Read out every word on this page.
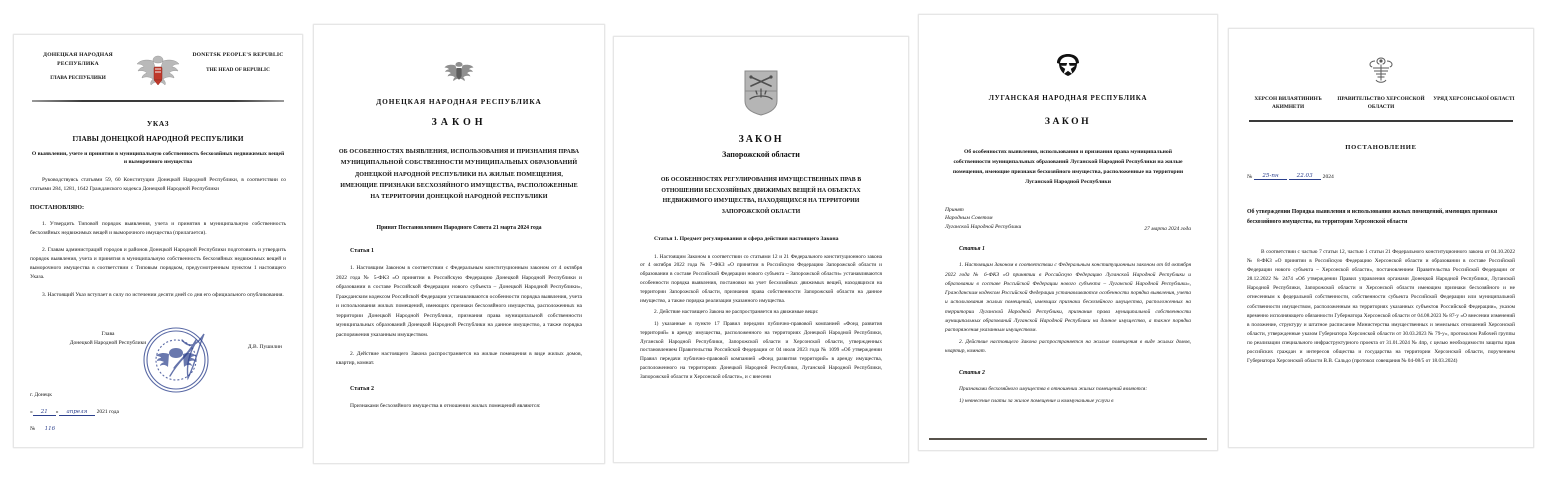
ДОНЕЦКАЯ НАРОДНАЯ РЕСПУБЛИКА
ГЛАВА РЕСПУБЛИКИ
DONETSK PEOPLE'S REPUBLIC
THE HEAD OF REPUBLIC
УКАЗ
ГЛАВЫ ДОНЕЦКОЙ НАРОДНОЙ РЕСПУБЛИКИ
О выявлении, учете и принятии в муниципальную собственность бесхозяйных недвижимых вещей и выморочного имущества
Руководствуясь статьями 59, 60 Конституции Донецкой Народной Республики, в соответствии со статьями 284, 1281, 1642 Гражданского кодекса Донецкой Народной Республики
ПОСТАНОВЛЯЮ:
1. Утвердить Типовой порядок выявления, учета и принятия в муниципальную собственность бесхозяйных недвижимых вещей и выморочного имущества (прилагается).
2. Главам администраций городов и районов Донецкой Народной Республики подготовить и утвердить порядок выявления, учета и принятия в муниципальную собственность бесхозяйных недвижимых вещей и выморочного имущества в соответствии с Типовым порядком, предусмотренным пунктом 1 настоящего Указа.
3. Настоящий Указ вступает в силу по истечении десяти дней со дня его официального опубликования.
Глава
Донецкой Народной Республики
Д.В. Пушилин
г. Донецк
« 21 » апреля 2021 года
№ 116
ДОНЕЦКАЯ НАРОДНАЯ РЕСПУБЛИКА
ЗАКОН
ОБ ОСОБЕННОСТЯХ ВЫЯВЛЕНИЯ, ИСПОЛЬЗОВАНИЯ И ПРИЗНАНИЯ ПРАВА МУНИЦИПАЛЬНОЙ СОБСТВЕННОСТИ МУНИЦИПАЛЬНЫХ ОБРАЗОВАНИЙ ДОНЕЦКОЙ НАРОДНОЙ РЕСПУБЛИКИ НА ЖИЛЫЕ ПОМЕЩЕНИЯ, ИМЕЮЩИЕ ПРИЗНАКИ БЕСХОЗЯЙНОГО ИМУЩЕСТВА, РАСПОЛОЖЕННЫЕ НА ТЕРРИТОРИИ ДОНЕЦКОЙ НАРОДНОЙ РЕСПУБЛИКИ
Принят Постановлением Народного Совета 21 марта 2024 года
Статья 1
1. Настоящим Законом в соответствии с Федеральным конституционным законом от 4 октября 2022 года № 5-ФКЗ «О принятии в Российскую Федерацию Донецкой Народной Республики и образовании в составе Российской Федерации нового субъекта – Донецкой Народной Республики», Гражданским кодексом Российской Федерации устанавливаются особенности порядка выявления, учета и использования жилых помещений, имеющих признаки бесхозяйного имущества, расположенных на территории Донецкой Народной Республики, признания права муниципальной собственности муниципальных образований Донецкой Народной Республики на данное имущество, а также порядка распоряжения указанным имуществом.
2. Действие настоящего Закона распространяется на жилые помещения в виде жилых домов, квартир, комнат.
Статья 2
Признаками бесхозяйного имущества в отношении жилых помещений являются:
ЗАКОН
Запорожской области
ОБ ОСОБЕННОСТЯХ РЕГУЛИРОВАНИЯ ИМУЩЕСТВЕННЫХ ПРАВ В ОТНОШЕНИИ БЕСХОЗЯЙНЫХ ДВИЖИМЫХ ВЕЩЕЙ НА ОБЪЕКТАХ НЕДВИЖИМОГО ИМУЩЕСТВА, НАХОДЯЩИХСЯ НА ТЕРРИТОРИИ ЗАПОРОЖСКОЙ ОБЛАСТИ
Статья 1. Предмет регулирования и сфера действия настоящего Закона
1. Настоящим Законом в соответствии со статьями 12 и 21 Федерального конституционного закона от 4 октября 2022 года № 7-ФКЗ «О принятии в Российскую Федерацию Запорожской области и образовании в составе Российской Федерации нового субъекта – Запорожской области» устанавливаются особенности порядка выявления, постановки на учет бесхозяйных движимых вещей, находящихся на территории Запорожской области, признания права собственности Запорожской области на данное имущество, а также порядка реализации указанного имущества.
2. Действие настоящего Закона не распространяется на движимые вещи:
1) указанные в пункте 17 Правил передачи публично-правовой компанией «Фонд развития территорий» в аренду имущества, расположенного на территориях Донецкой Народной Республики, Луганской Народной Республики, Запорожской области и Херсонской области, утвержденных постановлением Правительства Российской Федерации от 04 июля 2023 года № 1099 «Об утверждении Правил передачи публично-правовой компанией «Фонд развития территорий» в аренду имущества, расположенного на территориях Донецкой Народной Республики, Луганской Народной Республики, Запорожской области и Херсонской области», и с внесени
ЛУГАНСКАЯ НАРОДНАЯ РЕСПУБЛИКА
ЗАКОН
Об особенностях выявления, использования и признания права муниципальной собственности муниципальных образований Луганской Народной Республики на жилые помещения, имеющие признаки бесхозяйного имущества, расположенные на территории Луганской Народной Республики
Принят
Народным Советом
Луганской Народной Республики	27 марта 2024 года
Статья 1
1. Настоящим Законом в соответствии с Федеральным конституционным законом от 04 октября 2022 года № 6-ФКЗ «О принятии в Российскую Федерацию Луганской Народной Республики и образовании в составе Российской Федерации нового субъекта – Луганской Народной Республики», Гражданским кодексом Российской Федерации устанавливаются особенности порядка выявления, учета и использования жилых помещений, имеющих признаки бесхозяйного имущества, расположенных на территории Луганской Народной Республики, признания права муниципальной собственности муниципальных образований Луганской Народной Республики на данное имущество, а также порядка распоряжения указанным имуществом.
2. Действие настоящего Закона распространяется на жилые помещения в виде жилых домов, квартир, комнат.
Статья 2
Признаками бесхозяйного имущества в отношении жилых помещений являются:
1) невнесение платы за жилое помещение и коммунальные услуги в
ХЕРСОН ВИЛАЯТИНИНЪ АКИМНЕТИ
ПРАВИТЕЛЬСТВО ХЕРСОНСКОЙ ОБЛАСТИ
УРЯД ХЕРСОНСЬКОЇ ОБЛАСТІ
ПОСТАНОВЛЕНИЕ
№	25-пн	22.03	2024
Об утверждении Порядка выявления и использования жилых помещений, имеющих признаки бесхозяйного имущества, на территории Херсонской области
В соответствии с частью 7 статьи 12, частью 1 статьи 21 Федерального конституционного закона от 04.10.2022 № 8-ФКЗ «О принятии в Российскую Федерацию Херсонской области и образовании в составе Российской Федерации нового субъекта – Херсонской области», постановлением Правительства Российской Федерации от 28.12.2022 № 2474 «Об утверждении Правил управления органами Донецкой Народной Республики, Луганской Народной Республики, Запорожской области и Херсонской области имеющим признаки бесхозяйного и не отнесенным к федеральной собственности, собственности субъекта Российской Федерации или муниципальной собственности имуществом, расположенным на территориях указанных субъектов Российской Федерации», указом временно исполняющего обязанности Губернатора Херсонской области от 04.08.2023 № 87-у «О внесении изменений в положение, структуру и штатное расписание Министерства имущественных и земельных отношений Херсонской области, утвержденные указом Губернатора Херсонской области от 30.03.2023 № 79-у», протоколом Рабочей группы по реализации специального инфраструктурного проекта от 31.01.2024 № 4пр, с целью необходимости защиты прав российских граждан и интересов общества и государства на территории Херсонской области, поручением Губернатора Херсонской области В.В. Сальдо (протокол совещания № 04-08/5 от 18.03.2024)
